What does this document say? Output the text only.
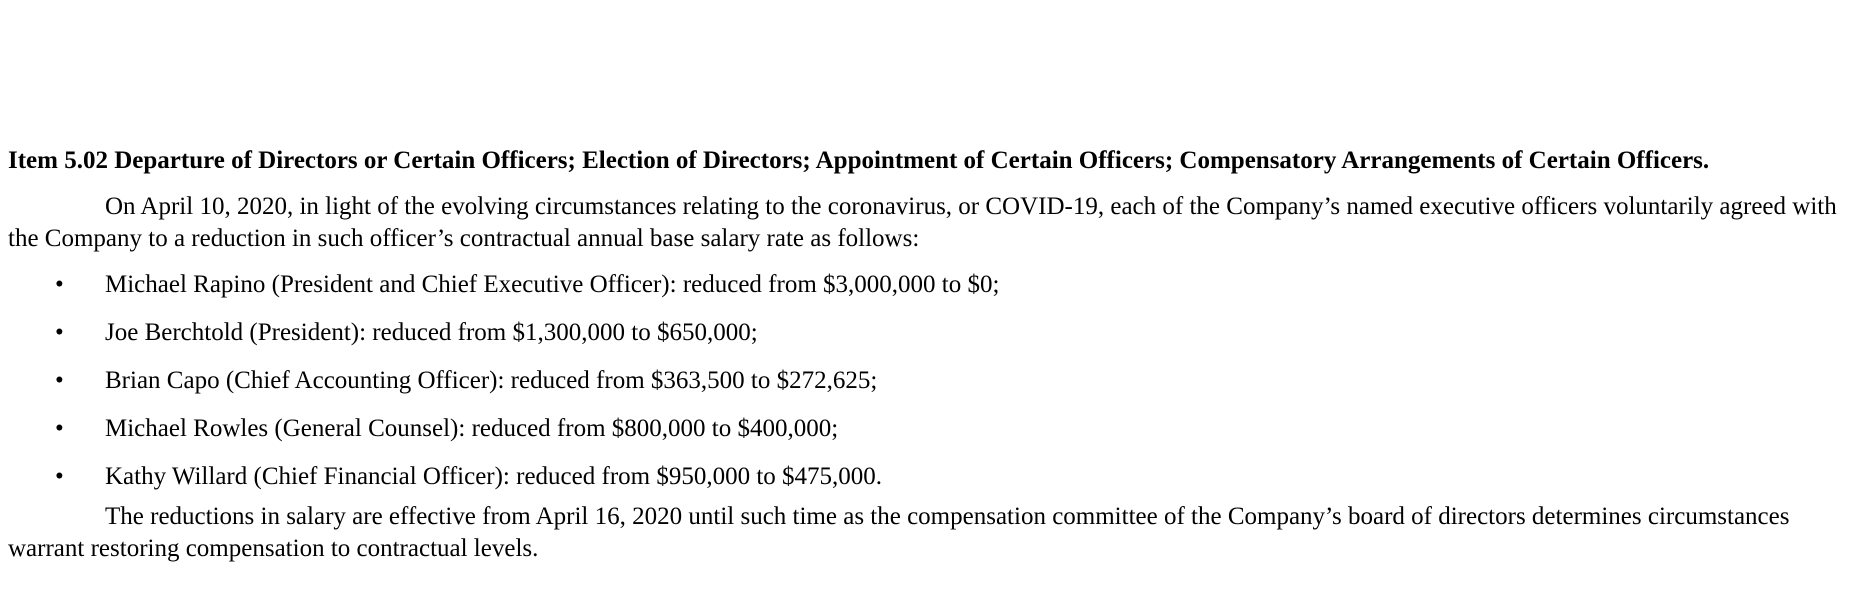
Item 5.02 Departure of Directors or Certain Officers; Election of Directors; Appointment of Certain Officers; Compensatory Arrangements of Certain Officers.

On April 10, 2020, in light of the evolving circumstances relating to the coronavirus, or COVID-19, each of the Company’s named executive officers voluntarily agreed with the Company to a reduction in such officer’s contractual annual base salary rate as follows:

• Michael Rapino (President and Chief Executive Officer): reduced from $3,000,000 to $0;
• Joe Berchtold (President): reduced from $1,300,000 to $650,000;
• Brian Capo (Chief Accounting Officer): reduced from $363,500 to $272,625;
• Michael Rowles (General Counsel): reduced from $800,000 to $400,000;
• Kathy Willard (Chief Financial Officer): reduced from $950,000 to $475,000.

The reductions in salary are effective from April 16, 2020 until such time as the compensation committee of the Company’s board of directors determines circumstances warrant restoring compensation to contractual levels.
